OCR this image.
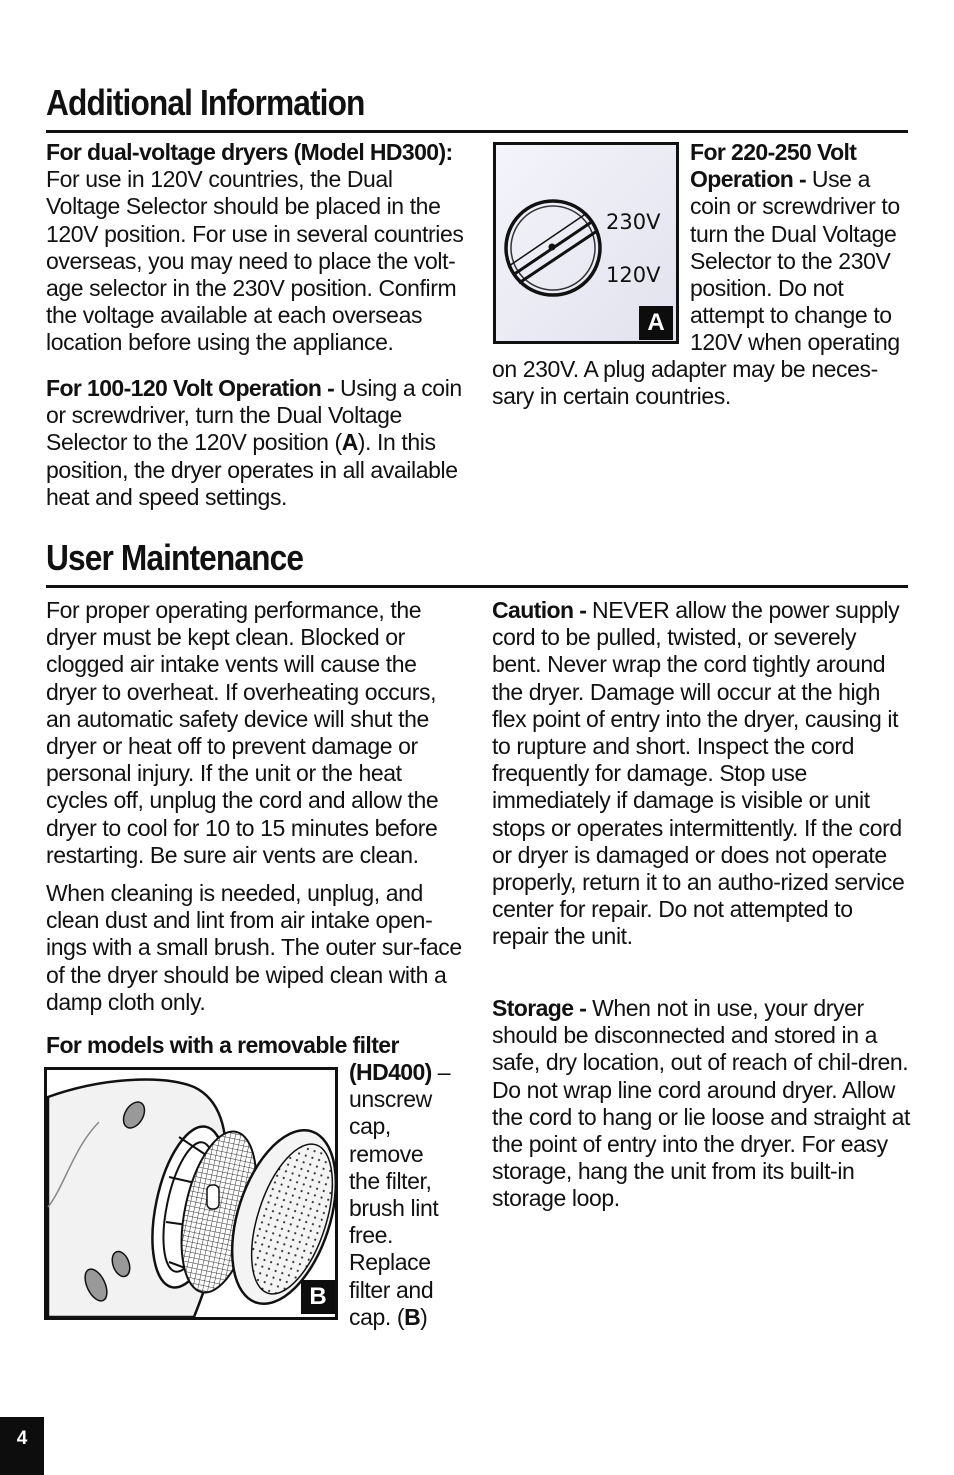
Additional Information

For dual-voltage dryers (Model HD300): For use in 120V countries, the Dual Voltage Selector should be placed in the 120V position. For use in several countries overseas, you may need to place the volt-age selector in the 230V position. Confirm the voltage available at each overseas location before using the appliance.

For 100-120 Volt Operation - Using a coin or screwdriver, turn the Dual Voltage Selector to the 120V position (A). In this position, the dryer operates in all available heat and speed settings.

230V
120V
A

For 220-250 Volt Operation - Use a coin or screwdriver to turn the Dual Voltage Selector to the 230V position. Do not attempt to change to 120V when operating

on 230V. A plug adapter may be neces-sary in certain countries.

User Maintenance

For proper operating performance, the dryer must be kept clean. Blocked or clogged air intake vents will cause the dryer to overheat. If overheating occurs, an automatic safety device will shut the dryer or heat off to prevent damage or personal injury. If the unit or the heat cycles off, unplug the cord and allow the dryer to cool for 10 to 15 minutes before restarting. Be sure air vents are clean.

When cleaning is needed, unplug, and clean dust and lint from air intake open-ings with a small brush. The outer sur-face of the dryer should be wiped clean with a damp cloth only.

For models with a removable filter

(HD400) – unscrew cap, remove the filter, brush lint free. Replace filter and cap. (B)

B

Caution - NEVER allow the power supply cord to be pulled, twisted, or severely bent. Never wrap the cord tightly around the dryer. Damage will occur at the high flex point of entry into the dryer, causing it to rupture and short. Inspect the cord frequently for damage. Stop use immediately if damage is visible or unit stops or operates intermittently. If the cord or dryer is damaged or does not operate properly, return it to an autho-rized service center for repair. Do not attempted to repair the unit.

Storage - When not in use, your dryer should be disconnected and stored in a safe, dry location, out of reach of chil-dren. Do not wrap line cord around dryer. Allow the cord to hang or lie loose and straight at the point of entry into the dryer. For easy storage, hang the unit from its built-in storage loop.

4
